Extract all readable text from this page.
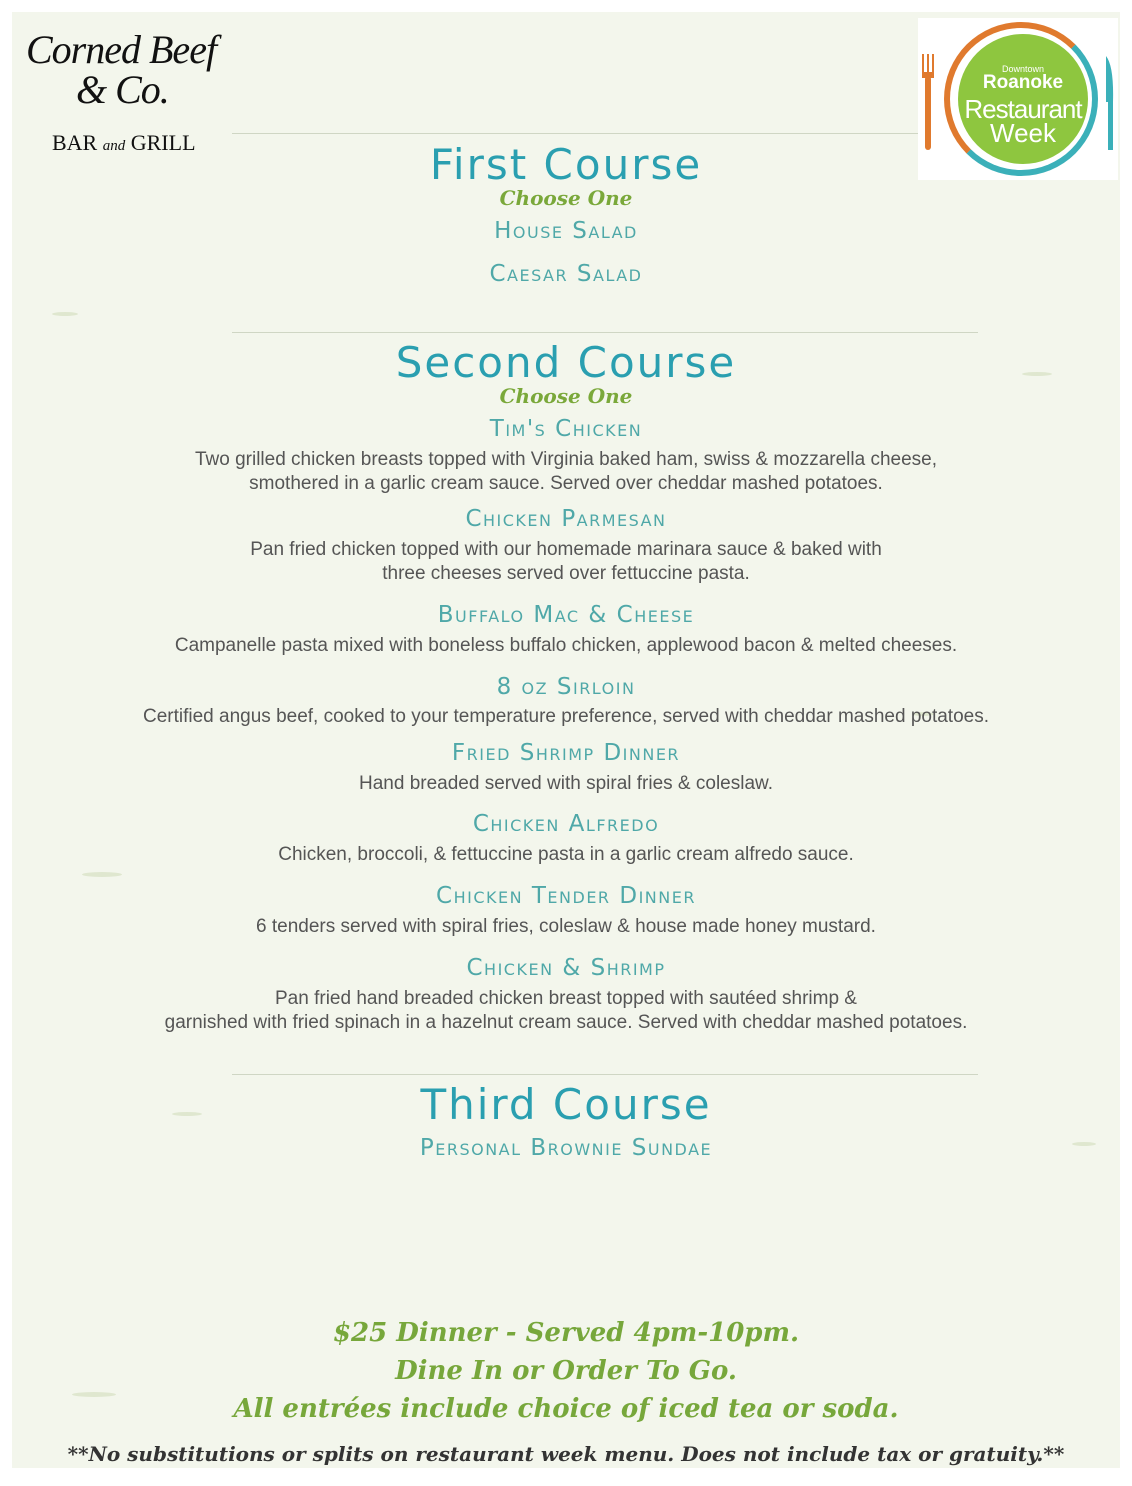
Corned Beef
& Co.
BAR and GRILL
Downtown
Roanoke
Restaurant
Week
First Course
Choose One
House Salad
Caesar Salad
Second Course
Choose One
Tim's Chicken
Two grilled chicken breasts topped with Virginia baked ham, swiss & mozzarella cheese,
smothered in a garlic cream sauce. Served over cheddar mashed potatoes.
Chicken Parmesan
Pan fried chicken topped with our homemade marinara sauce & baked with
three cheeses served over fettuccine pasta.
Buffalo Mac & Cheese
Campanelle pasta mixed with boneless buffalo chicken, applewood bacon & melted cheeses.
8 oz Sirloin
Certified angus beef, cooked to your temperature preference, served with cheddar mashed potatoes.
Fried Shrimp Dinner
Hand breaded served with spiral fries & coleslaw.
Chicken Alfredo
Chicken, broccoli, & fettuccine pasta in a garlic cream alfredo sauce.
Chicken Tender Dinner
6 tenders served with spiral fries, coleslaw & house made honey mustard.
Chicken & Shrimp
Pan fried hand breaded chicken breast topped with sautéed shrimp &
garnished with fried spinach in a hazelnut cream sauce. Served with cheddar mashed potatoes.
Third Course
Personal Brownie Sundae
$25 Dinner - Served 4pm-10pm.
Dine In or Order To Go.
All entrées include choice of iced tea or soda.
**No substitutions or splits on restaurant week menu. Does not include tax or gratuity.**
